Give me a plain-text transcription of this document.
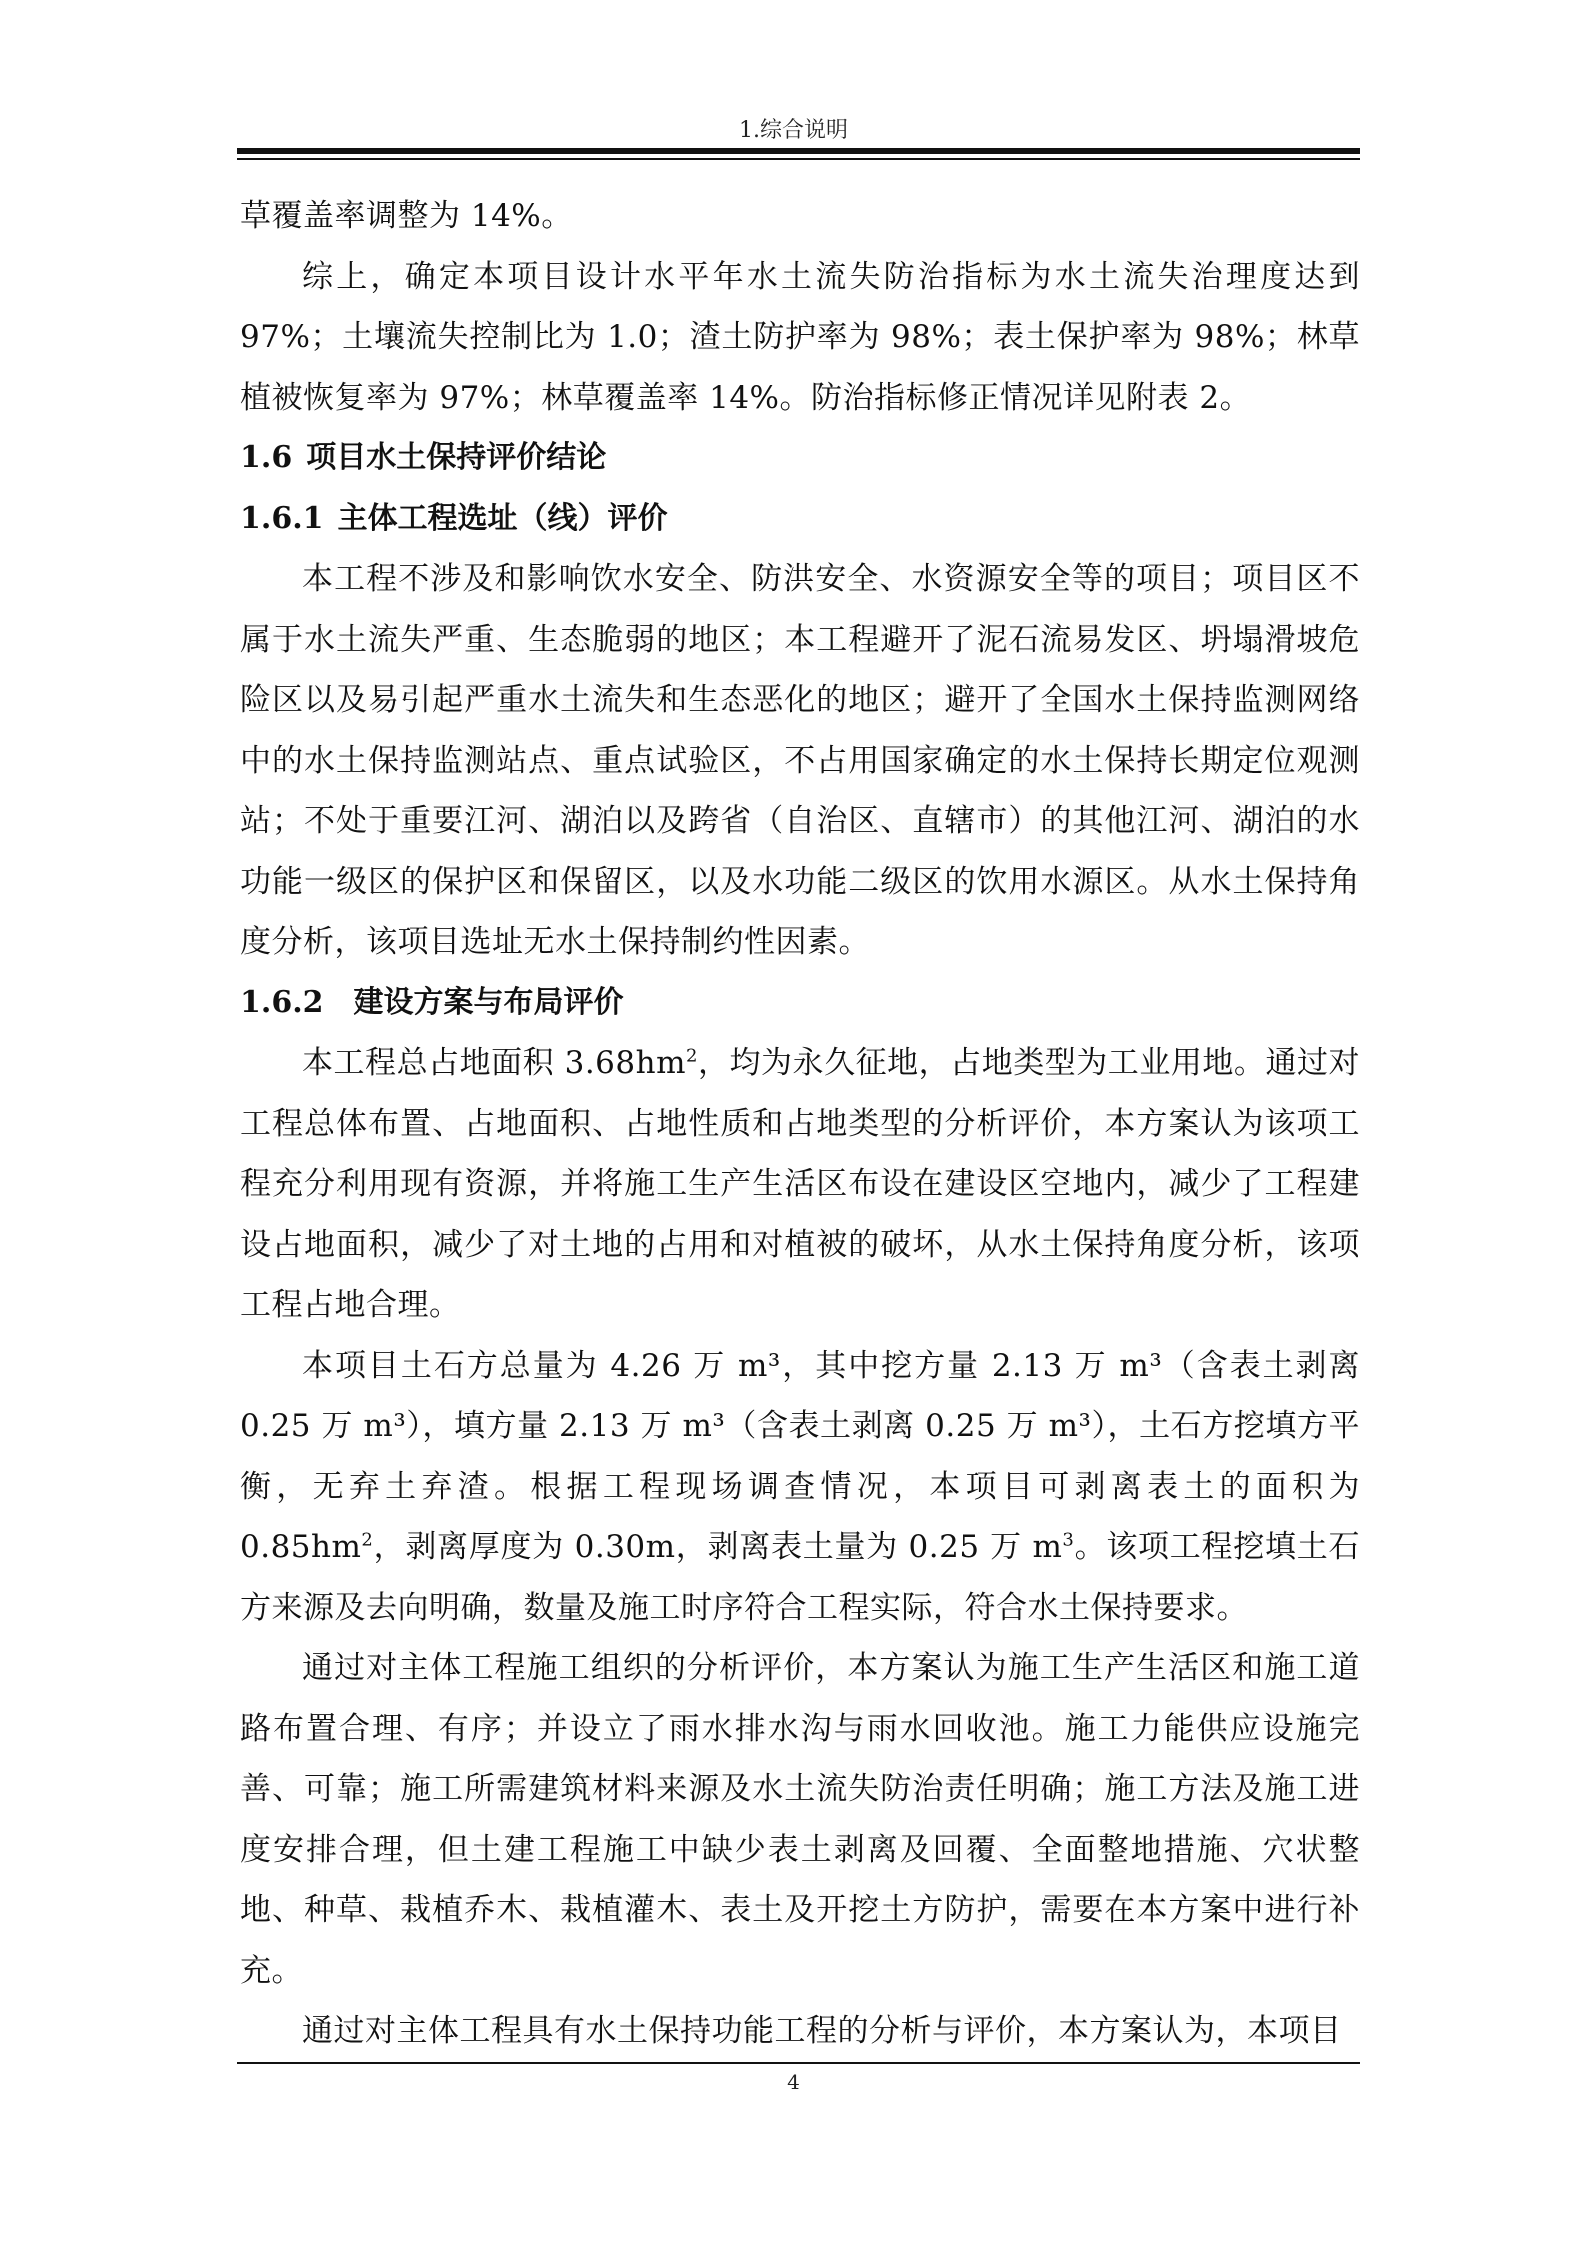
1.综合说明

草覆盖率调整为 14%。

综上，确定本项目设计水平年水土流失防治指标为水土流失治理度达到 97%；土壤流失控制比为 1.0；渣土防护率为 98%；表土保护率为 98%；林草植被恢复率为 97%；林草覆盖率 14%。防治指标修正情况详见附表 2。

1.6 项目水土保持评价结论

1.6.1 主体工程选址（线）评价

本工程不涉及和影响饮水安全、防洪安全、水资源安全等的项目；项目区不属于水土流失严重、生态脆弱的地区；本工程避开了泥石流易发区、坍塌滑坡危险区以及易引起严重水土流失和生态恶化的地区；避开了全国水土保持监测网络中的水土保持监测站点、重点试验区，不占用国家确定的水土保持长期定位观测站；不处于重要江河、湖泊以及跨省（自治区、直辖市）的其他江河、湖泊的水功能一级区的保护区和保留区，以及水功能二级区的饮用水源区。从水土保持角度分析，该项目选址无水土保持制约性因素。

1.6.2 建设方案与布局评价

本工程总占地面积 $3.68hm^2$，均为永久征地，占地类型为工业用地。通过对工程总体布置、占地面积、占地性质和占地类型的分析评价，本方案认为该项工程充分利用现有资源，并将施工生产生活区布设在建设区空地内，减少了工程建设占地面积，减少了对土地的占用和对植被的破坏，从水土保持角度分析，该项工程占地合理。

本项目土石方总量为 4.26 万 m³，其中挖方量 2.13 万 m³（含表土剥离 0.25 万 m³），填方量 2.13 万 m³（含表土剥离 0.25 万 m³），土石方挖填方平衡，无弃土弃渣。根据工程现场调查情况，本项目可剥离表土的面积为 $0.85hm^2$，剥离厚度为 0.30m，剥离表土量为 0.25 万 $m^3$。该项工程挖填土石方来源及去向明确，数量及施工时序符合工程实际，符合水土保持要求。

通过对主体工程施工组织的分析评价，本方案认为施工生产生活区和施工道路布置合理、有序；并设立了雨水排水沟与雨水回收池。施工力能供应设施完善、可靠；施工所需建筑材料来源及水土流失防治责任明确；施工方法及施工进度安排合理，但土建工程施工中缺少表土剥离及回覆、全面整地措施、穴状整地、种草、栽植乔木、栽植灌木、表土及开挖土方防护，需要在本方案中进行补充。

通过对主体工程具有水土保持功能工程的分析与评价，本方案认为，本项目

4
